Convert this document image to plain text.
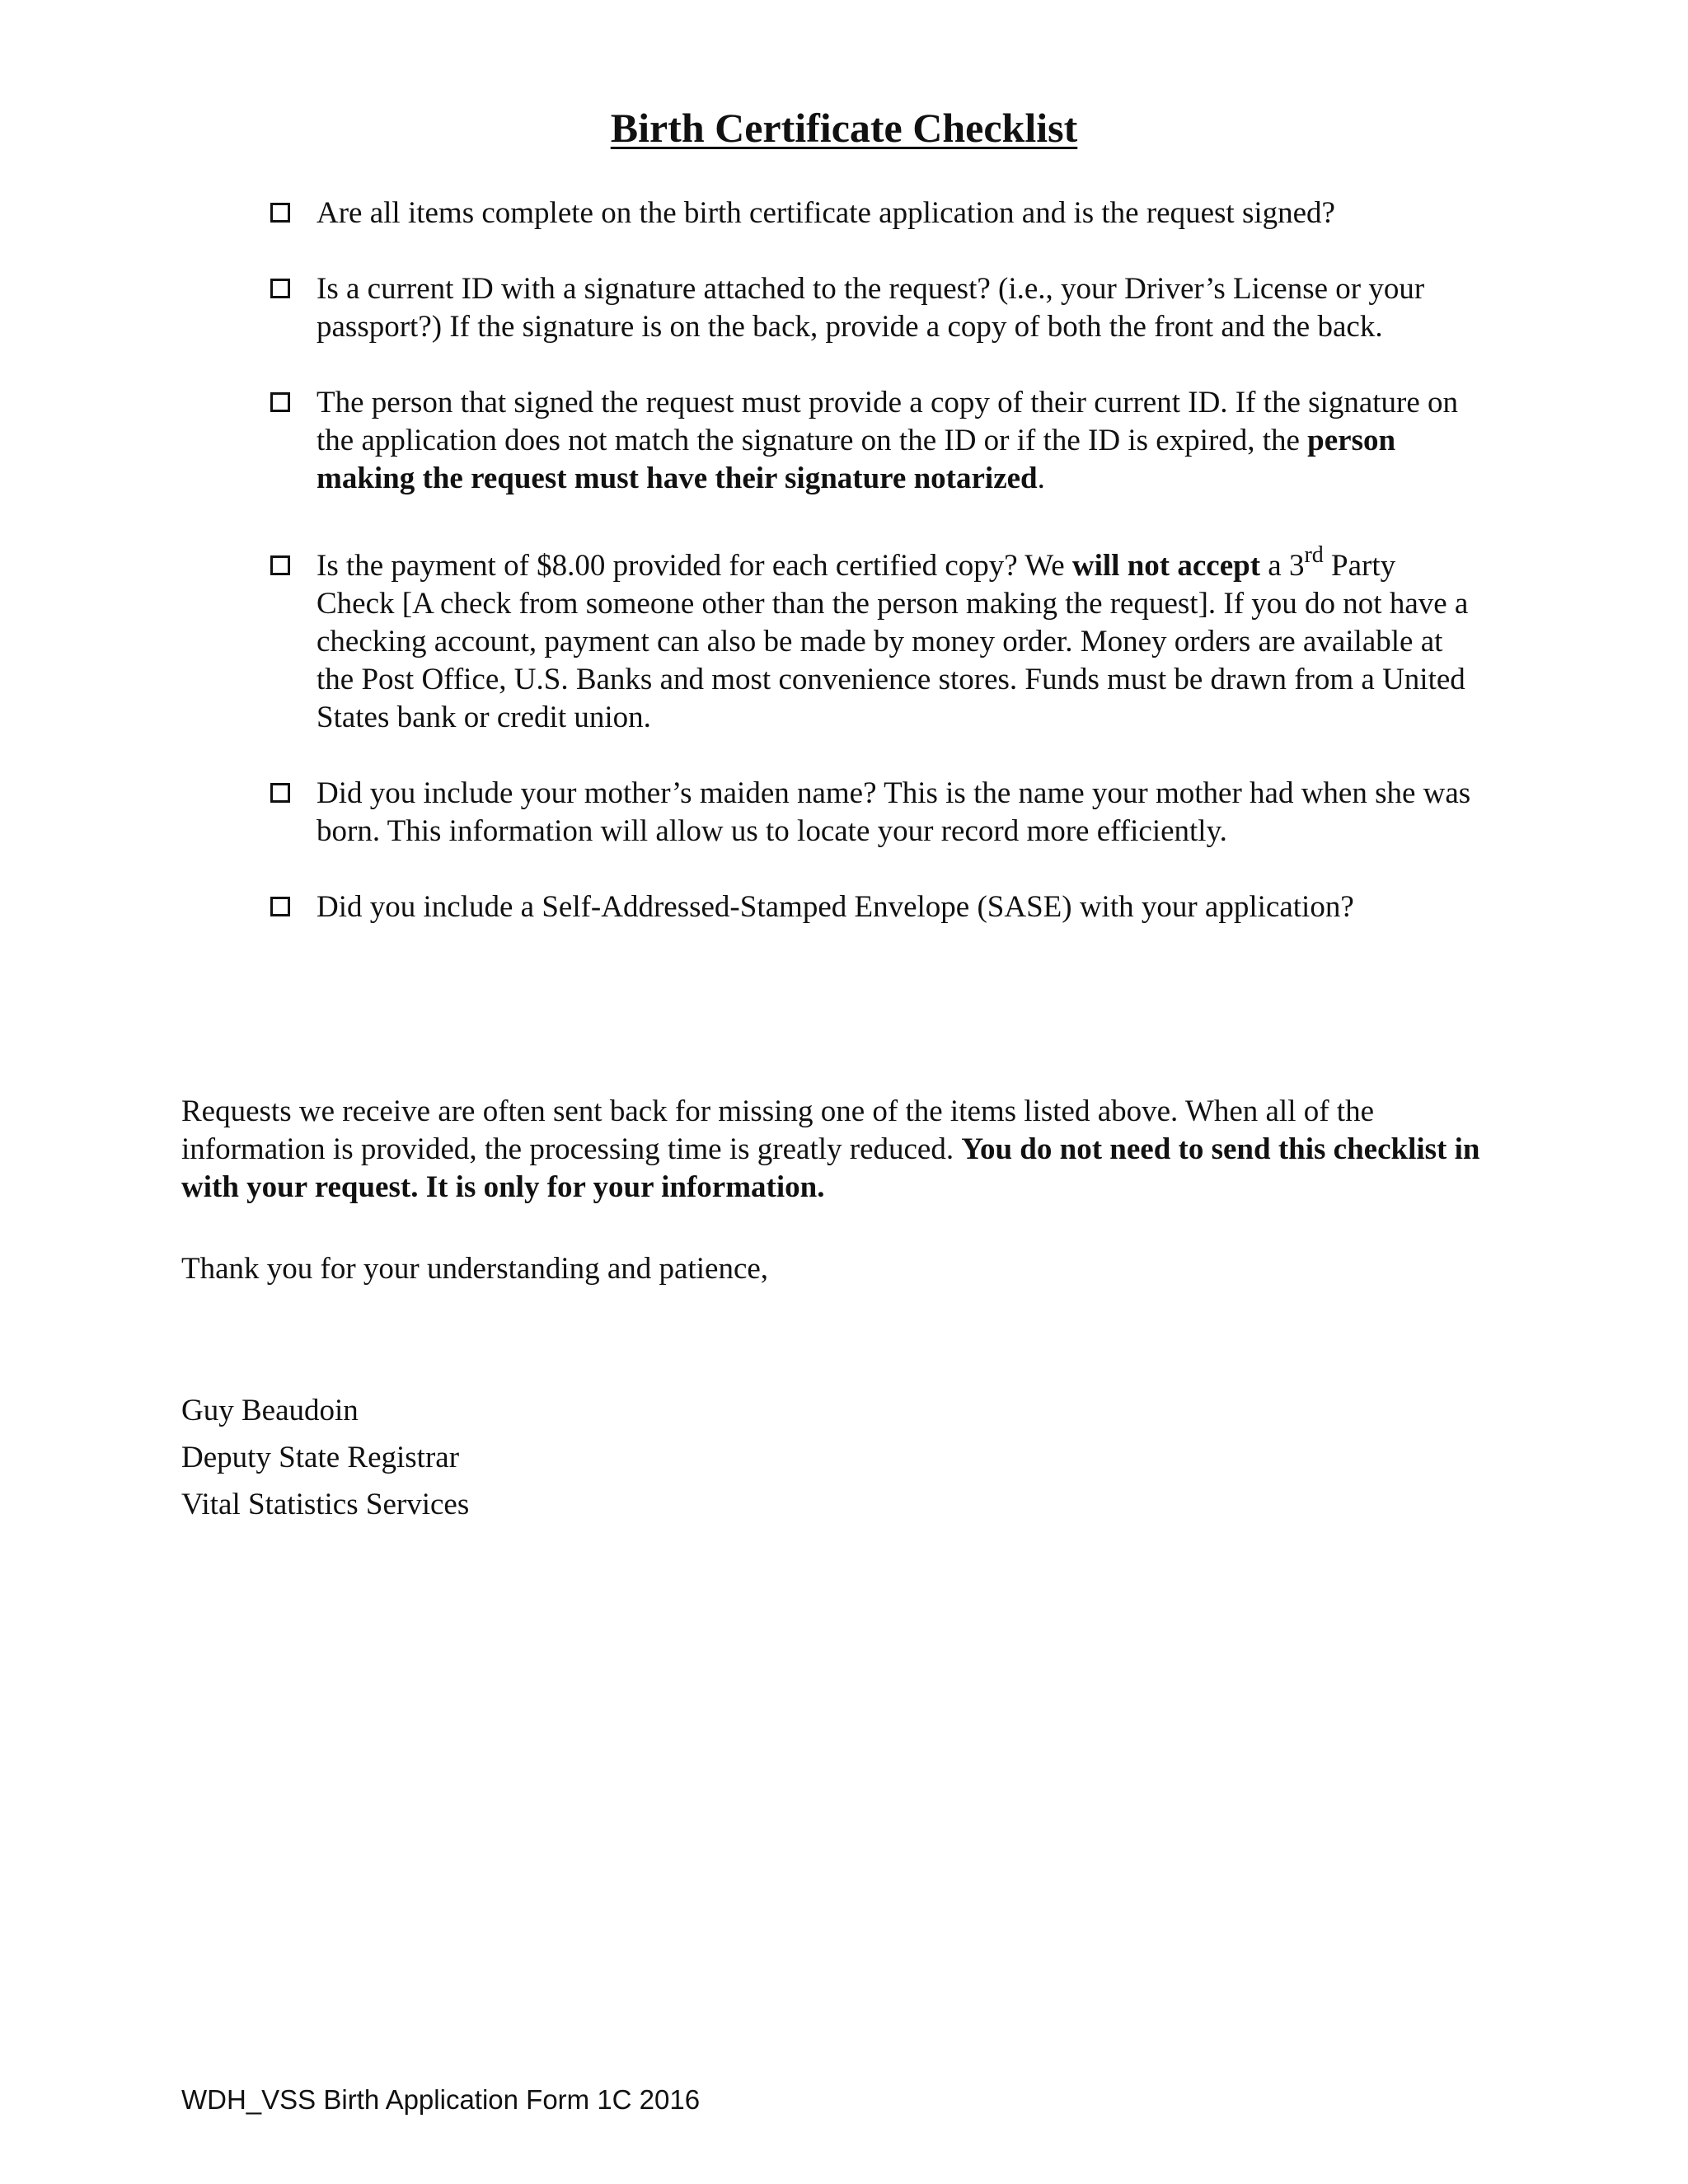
Birth Certificate Checklist
Are all items complete on the birth certificate application and is the request signed?
Is a current ID with a signature attached to the request? (i.e., your Driver’s License or your passport?) If the signature is on the back, provide a copy of both the front and the back.
The person that signed the request must provide a copy of their current ID. If the signature on the application does not match the signature on the ID or if the ID is expired, the person making the request must have their signature notarized.
Is the payment of $8.00 provided for each certified copy? We will not accept a 3rd Party Check [A check from someone other than the person making the request]. If you do not have a checking account, payment can also be made by money order. Money orders are available at the Post Office, U.S. Banks and most convenience stores. Funds must be drawn from a United States bank or credit union.
Did you include your mother’s maiden name? This is the name your mother had when she was born. This information will allow us to locate your record more efficiently.
Did you include a Self-Addressed-Stamped Envelope (SASE) with your application?

Requests we receive are often sent back for missing one of the items listed above. When all of the information is provided, the processing time is greatly reduced. You do not need to send this checklist in with your request. It is only for your information.

Thank you for your understanding and patience,

Guy Beaudoin
Deputy State Registrar
Vital Statistics Services
WDH_VSS Birth Application Form 1C 2016
